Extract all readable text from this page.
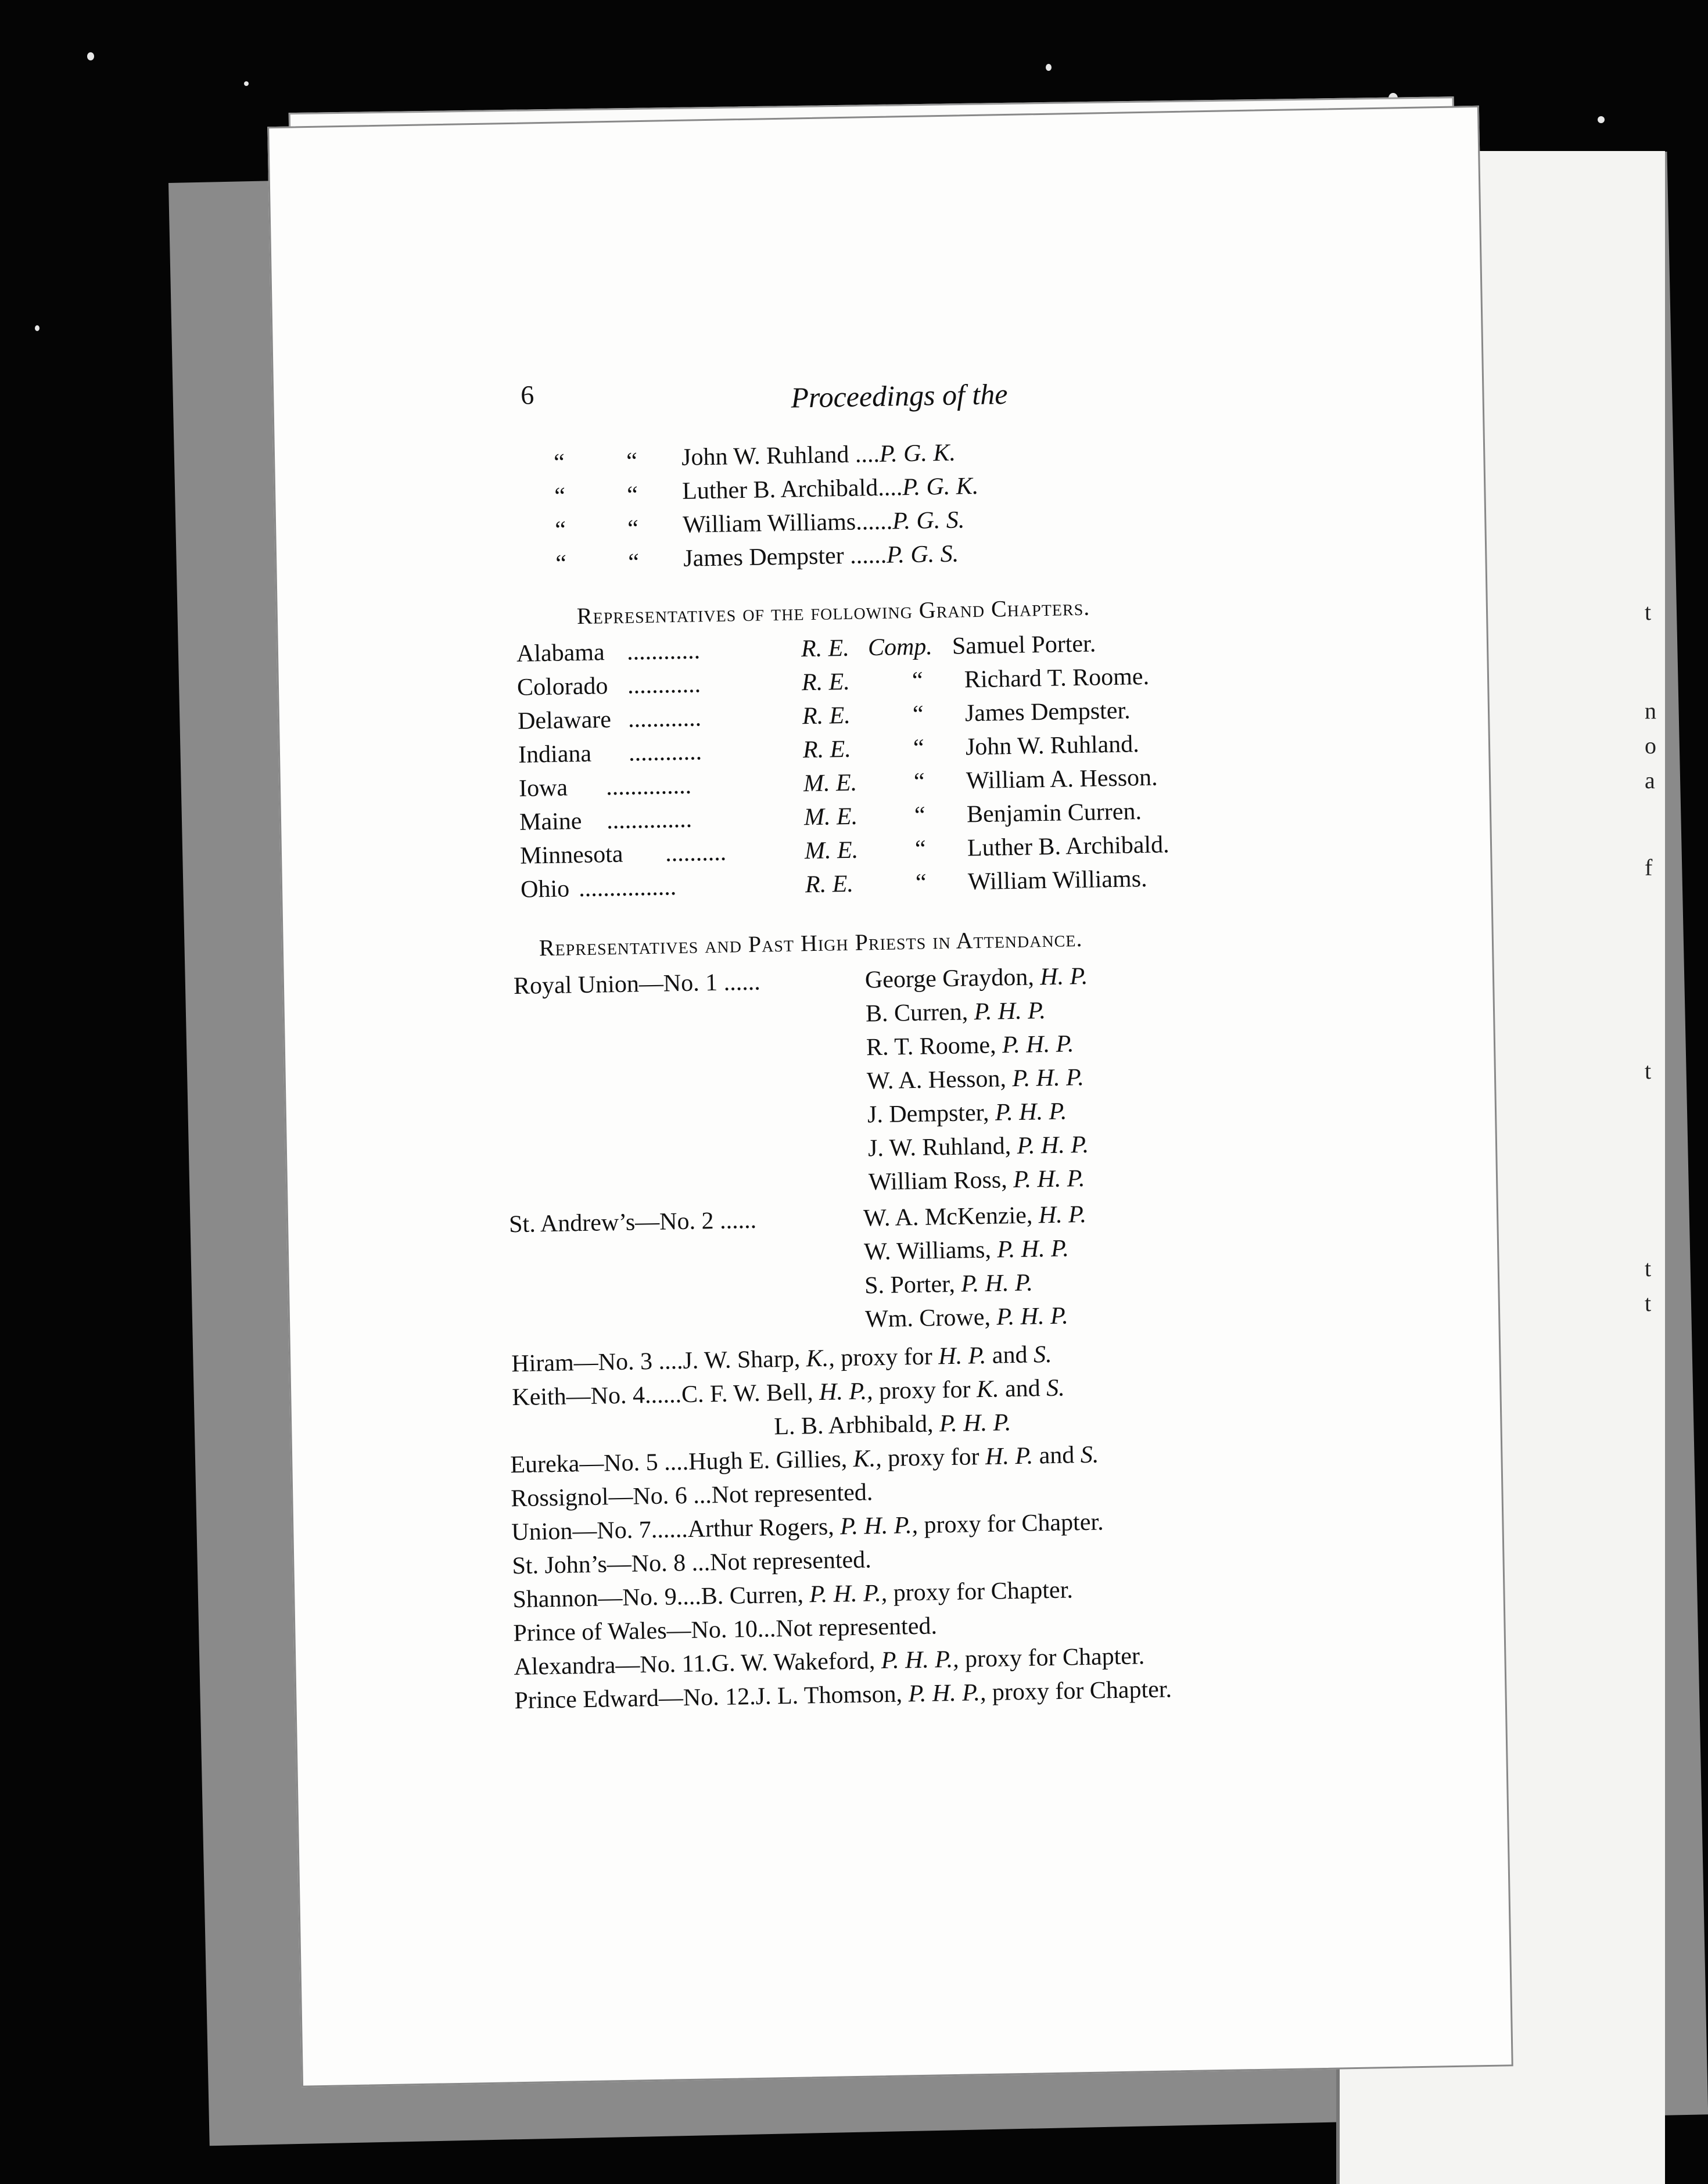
t
n
o
a
f
t
t
t
6	Proceedings of the
“	“ John W. Ruhland ....P. G. K.
“	“ Luther B. Archibald....P. G. K.
“	“ William Williams......P. G. S.
“	“ James Dempster ......P. G. S.
Representatives of the following Grand Chapters.
Alabama ............	R. E. Comp. Samuel Porter.
Colorado ............	R. E.	“ Richard T. Roome.
Delaware ............	R. E.	“ James Dempster.
Indiana ............	R. E.	“ John W. Ruhland.
Iowa ..............	M. E. “ William A. Hesson.
Maine ..............	M. E. “ Benjamin Curren.
Minnesota ..........	M. E. “ Luther B. Archibald.
Ohio ................	R. E.	“ William Williams.
Representatives and Past High Priests in Attendance.
Royal Union—No. 1 ......	George Graydon, H. P.
B. Curren, P. H. P.
R. T. Roome, P. H. P.
W. A. Hesson, P. H. P.
J. Dempster, P. H. P.
J. W. Ruhland, P. H. P.
William Ross, P. H. P.
St. Andrew’s—No. 2 ......	W. A. McKenzie, H. P.
W. Williams, P. H. P.
S. Porter, P. H. P.
Wm. Crowe, P. H. P.
Hiram—No. 3 ....J. W. Sharp, K., proxy for H. P. and S.
Keith—No. 4......C. F. W. Bell, H. P., proxy for K. and S.
L. B. Arbhibald, P. H. P.
Eureka—No. 5 ....Hugh E. Gillies, K., proxy for H. P. and S.
Rossignol—No. 6 ...Not represented.
Union—No. 7......Arthur Rogers, P. H. P., proxy for Chapter.
St. John’s—No. 8 ...Not represented.
Shannon—No. 9....B. Curren, P. H. P., proxy for Chapter.
Prince of Wales—No. 10...Not represented.
Alexandra—No. 11.G. W. Wakeford, P. H. P., proxy for Chapter.
Prince Edward—No. 12.J. L. Thomson, P. H. P., proxy for Chapter.
